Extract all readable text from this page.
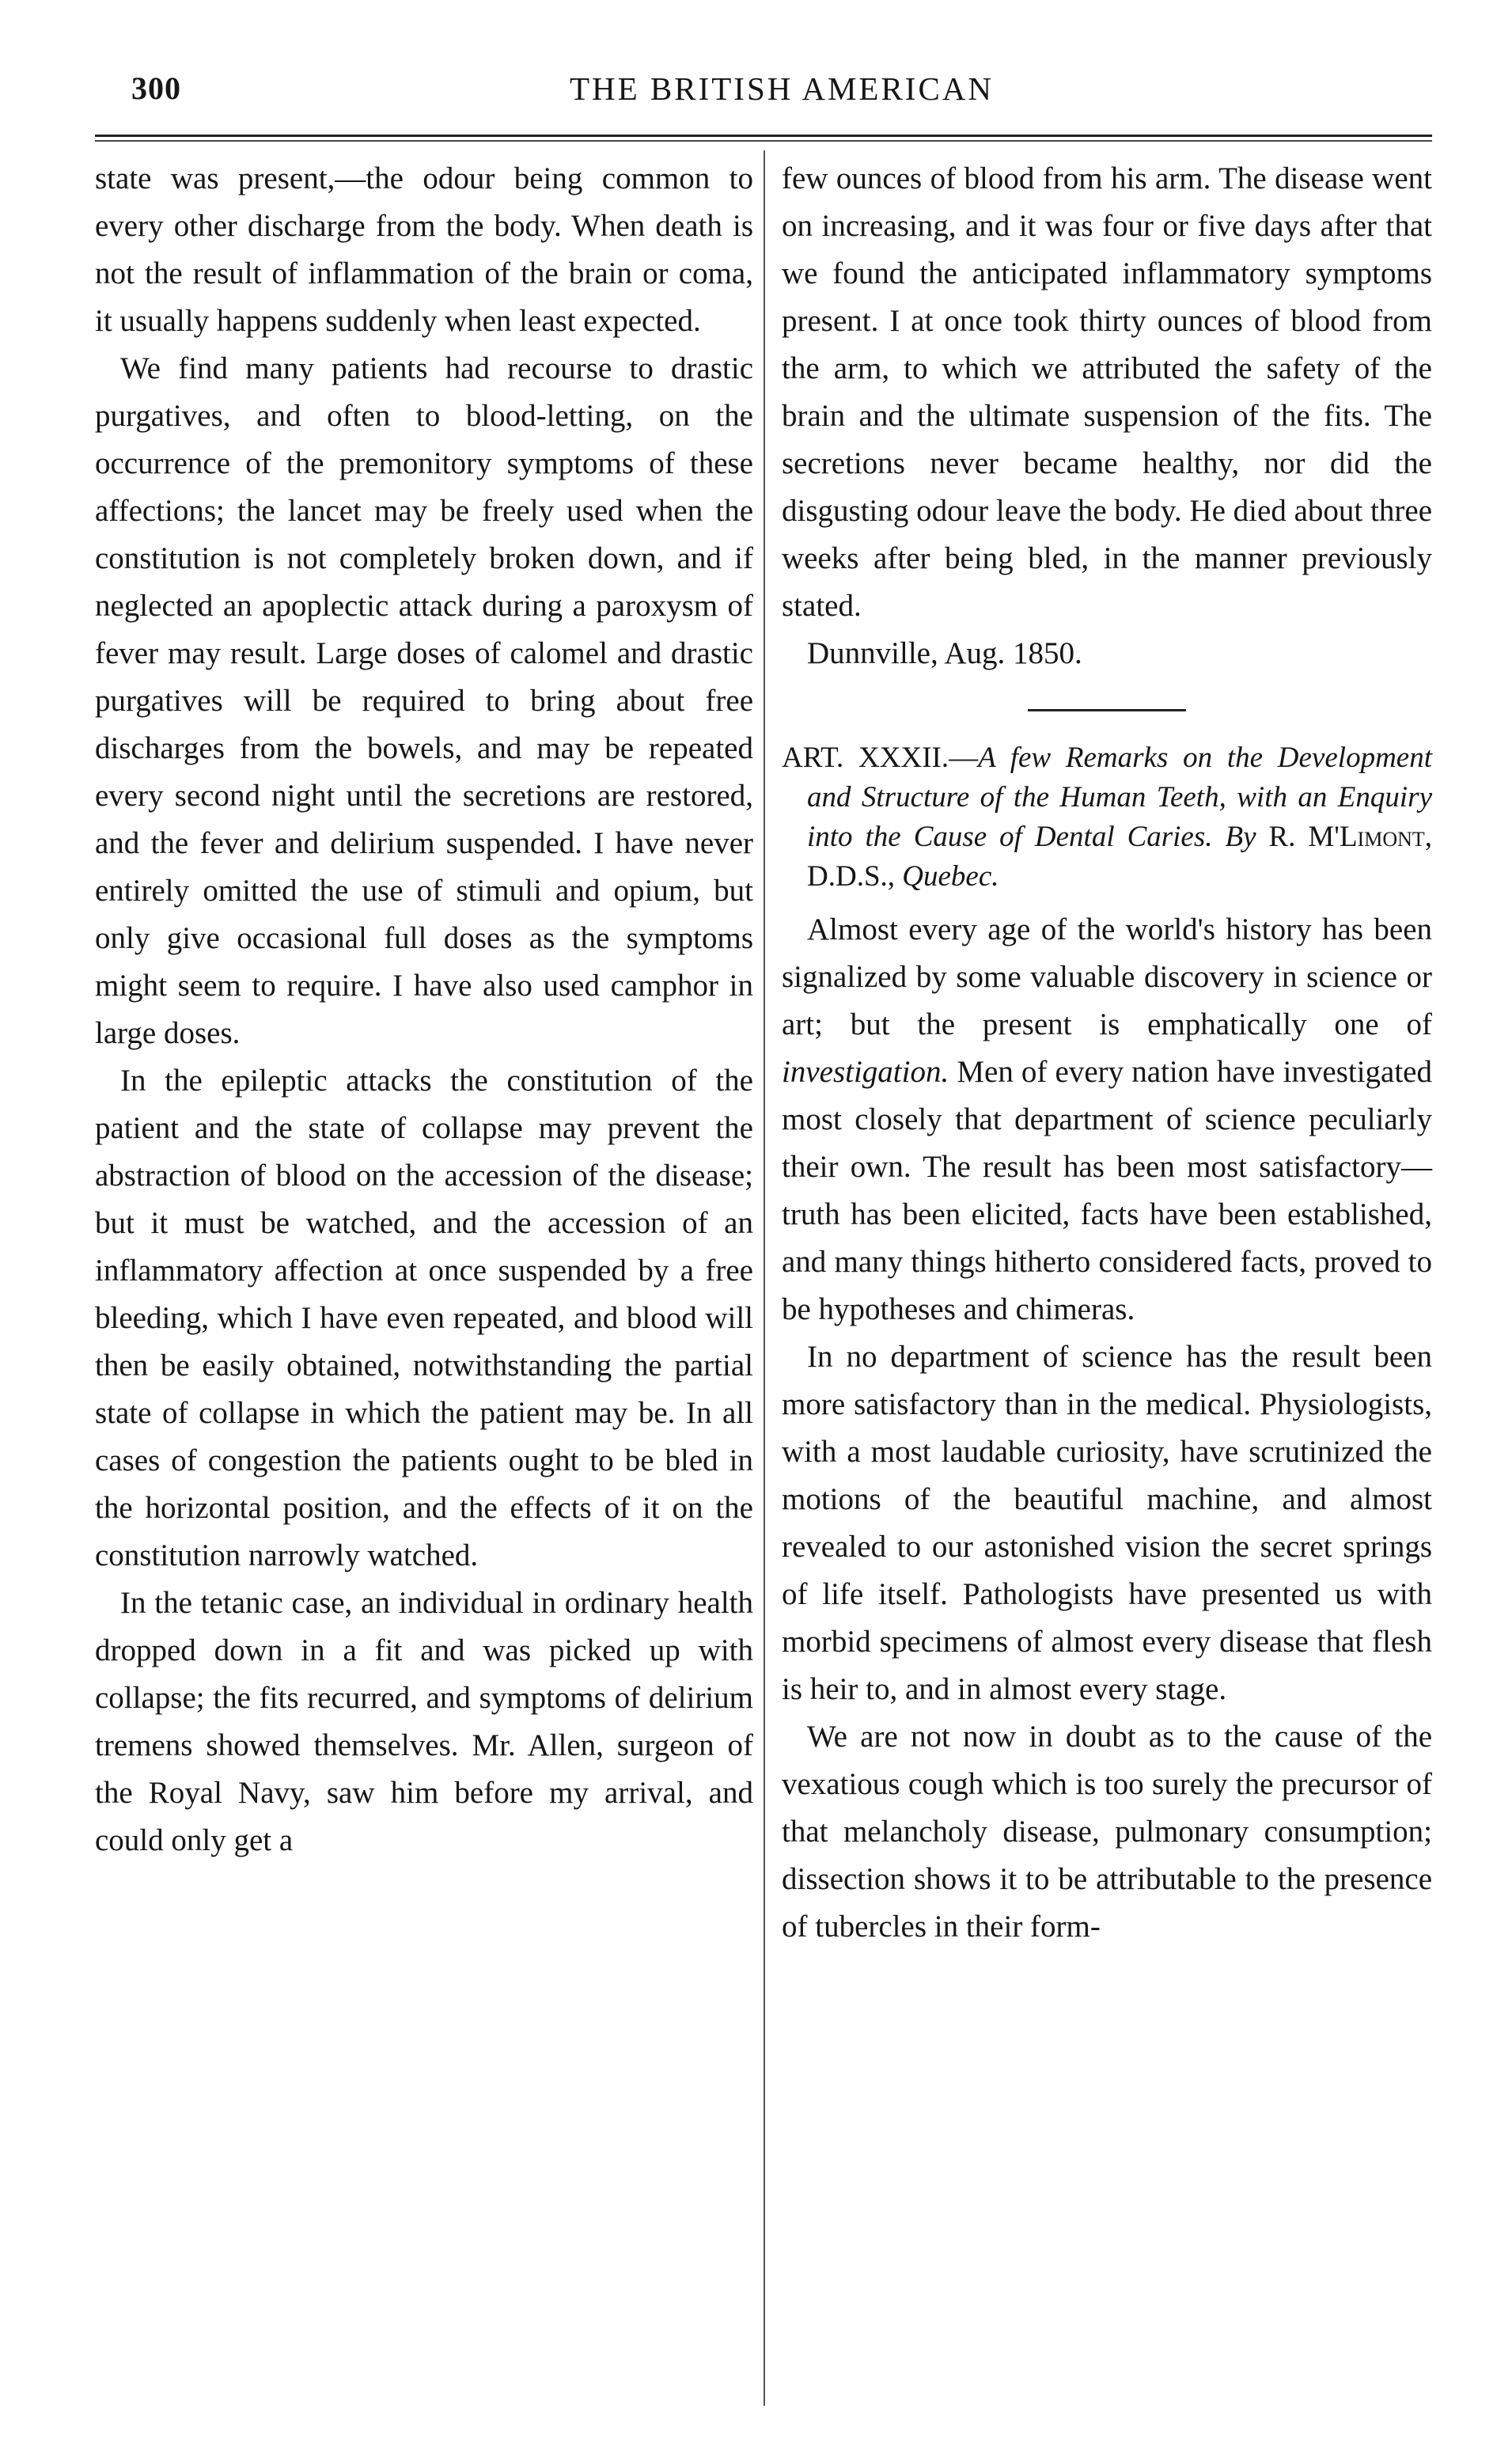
300	THE BRITISH AMERICAN

state was present,—the odour being common to every other discharge from the body. When death is not the result of inflammation of the brain or coma, it usually happens suddenly when least expected.

We find many patients had recourse to drastic purgatives, and often to blood-letting, on the occurrence of the premonitory symptoms of these affections; the lancet may be freely used when the constitution is not completely broken down, and if neglected an apoplectic attack during a paroxysm of fever may result. Large doses of calomel and drastic purgatives will be required to bring about free discharges from the bowels, and may be repeated every second night until the secretions are restored, and the fever and delirium suspended. I have never entirely omitted the use of stimuli and opium, but only give occasional full doses as the symptoms might seem to require. I have also used camphor in large doses.

In the epileptic attacks the constitution of the patient and the state of collapse may prevent the abstraction of blood on the accession of the disease; but it must be watched, and the accession of an inflammatory affection at once suspended by a free bleeding, which I have even repeated, and blood will then be easily obtained, notwithstanding the partial state of collapse in which the patient may be. In all cases of congestion the patients ought to be bled in the horizontal position, and the effects of it on the constitution narrowly watched.

In the tetanic case, an individual in ordinary health dropped down in a fit and was picked up with collapse; the fits recurred, and symptoms of delirium tremens showed themselves. Mr. Allen, surgeon of the Royal Navy, saw him before my arrival, and could only get a

few ounces of blood from his arm. The disease went on increasing, and it was four or five days after that we found the anticipated inflammatory symptoms present. I at once took thirty ounces of blood from the arm, to which we attributed the safety of the brain and the ultimate suspension of the fits. The secretions never became healthy, nor did the disgusting odour leave the body. He died about three weeks after being bled, in the manner previously stated.

Dunnville, Aug. 1850.

ART. XXXII.—A few Remarks on the Development and Structure of the Human Teeth, with an Enquiry into the Cause of Dental Caries. By R. M'Limont, D.D.S., Quebec.

Almost every age of the world's history has been signalized by some valuable discovery in science or art; but the present is emphatically one of investigation. Men of every nation have investigated most closely that department of science peculiarly their own. The result has been most satisfactory—truth has been elicited, facts have been established, and many things hitherto considered facts, proved to be hypotheses and chimeras.

In no department of science has the result been more satisfactory than in the medical. Physiologists, with a most laudable curiosity, have scrutinized the motions of the beautiful machine, and almost revealed to our astonished vision the secret springs of life itself. Pathologists have presented us with morbid specimens of almost every disease that flesh is heir to, and in almost every stage.

We are not now in doubt as to the cause of the vexatious cough which is too surely the precursor of that melancholy disease, pulmonary consumption; dissection shows it to be attributable to the presence of tubercles in their form-
